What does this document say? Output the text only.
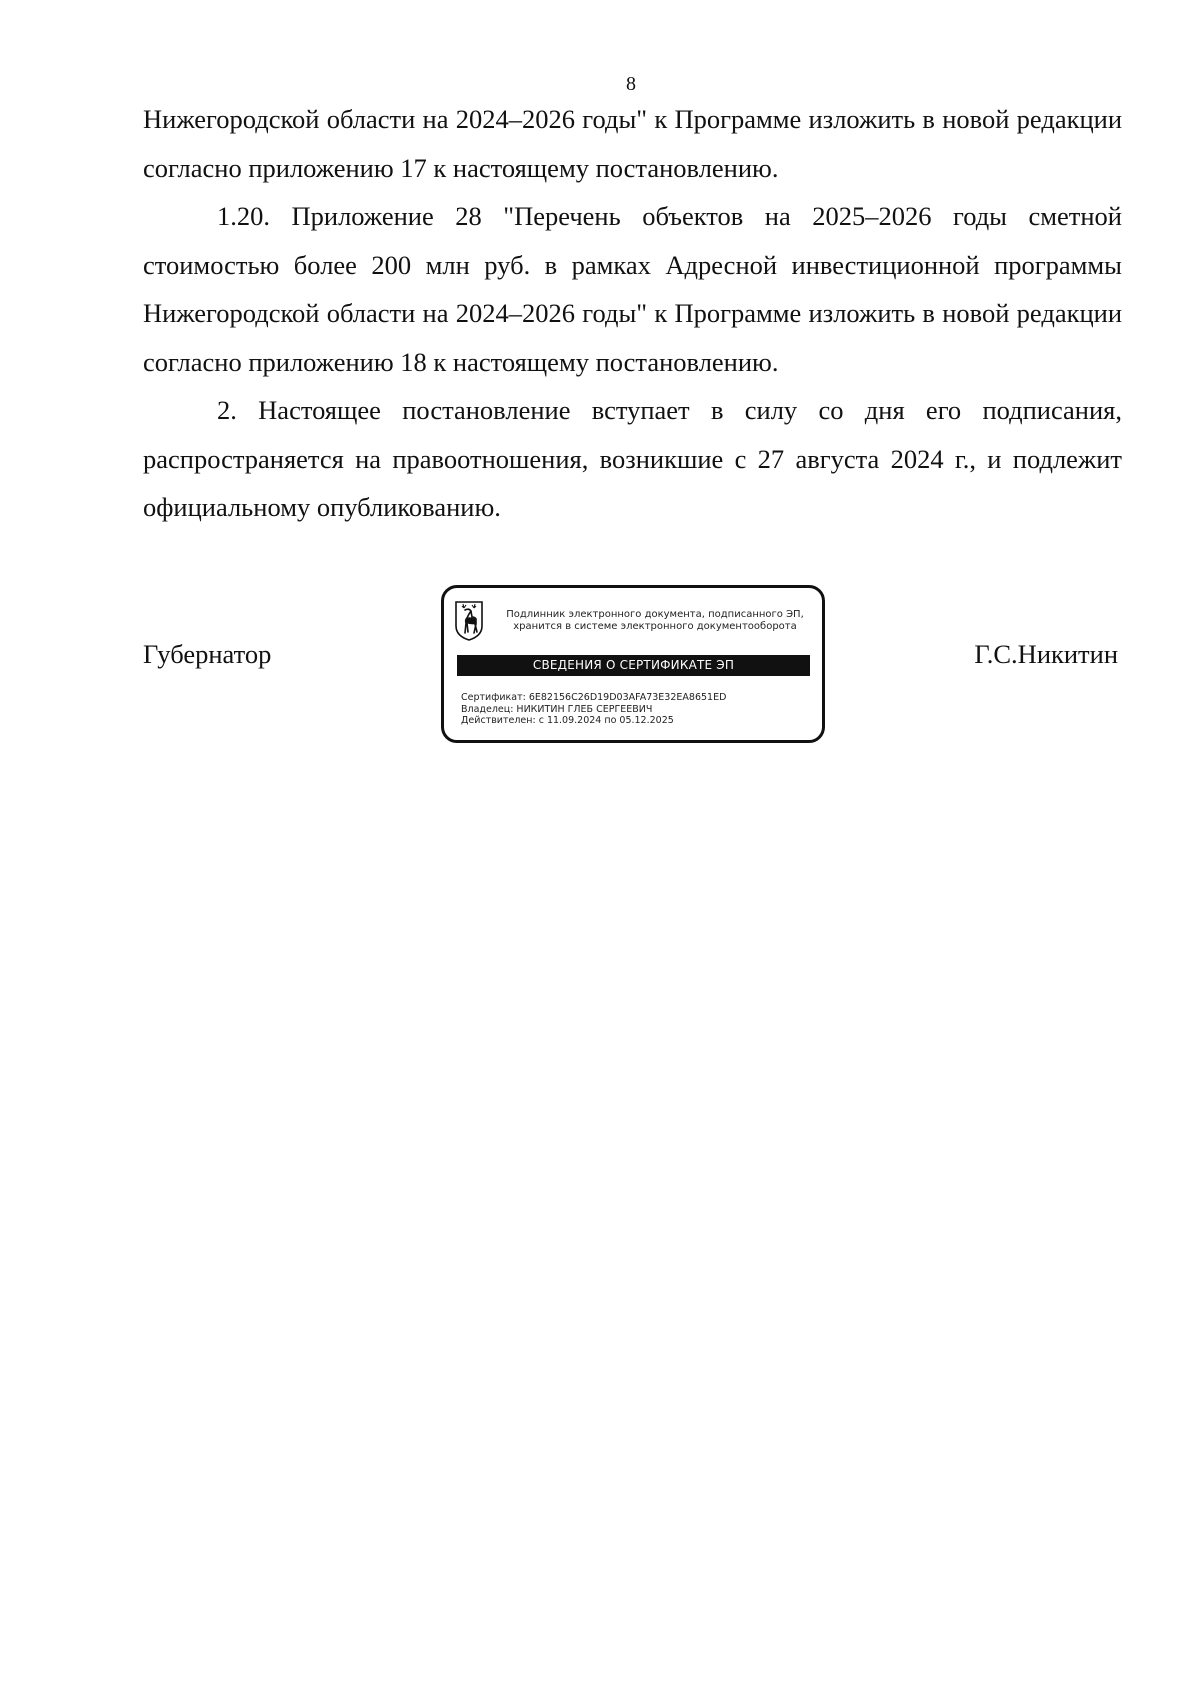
8

Нижегородской области на 2024–2026 годы" к Программе изложить в новой редакции согласно приложению 17 к настоящему постановлению.

1.20. Приложение 28 "Перечень объектов на 2025–2026 годы сметной стоимостью более 200 млн руб. в рамках Адресной инвестиционной программы Нижегородской области на 2024–2026 годы" к Программе изложить в новой редакции согласно приложению 18 к настоящему постановлению.

2. Настоящее постановление вступает в силу со дня его подписания, распространяется на правоотношения, возникшие с 27 августа 2024 г., и подлежит официальному опубликованию.

Губернатор	Г.С.Никитин
Подлинник электронного документа, подписанного ЭП,
хранится в системе электронного документооборота
СВЕДЕНИЯ О СЕРТИФИКАТЕ ЭП
Сертификат: 6E82156C26D19D03AFA73E32EA8651ED
Владелец: НИКИТИН ГЛЕБ СЕРГЕЕВИЧ
Действителен: с 11.09.2024 по 05.12.2025
